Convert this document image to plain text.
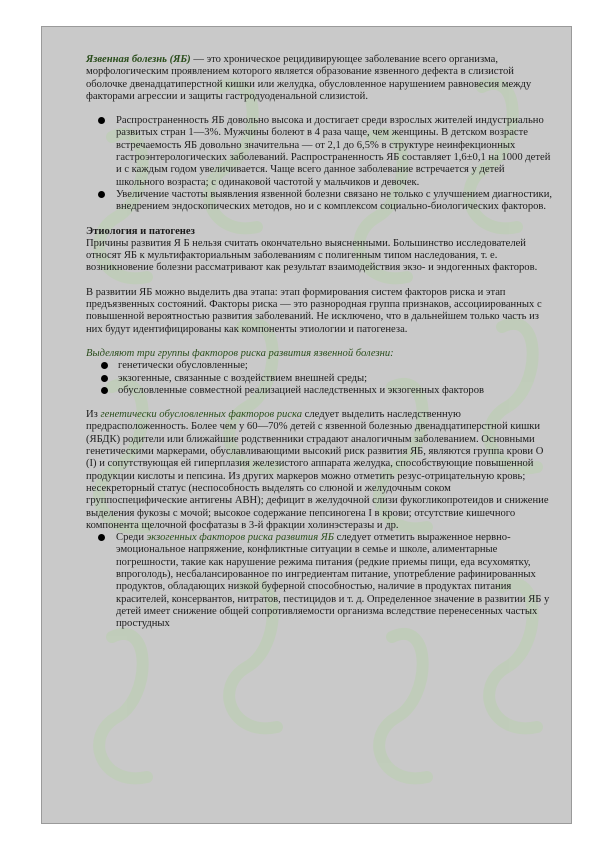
Язвенная болезнь (ЯБ) — это хроническое рецидивирующее заболевание всего организма, морфологическим проявлением которого является образование язвенного дефекта в слизистой оболочке двенадцатиперстной кишки или желудка, обусловленное нарушением равновесия между факторами агрессии и защиты гастродуоденальной слизистой.

Распространенность ЯБ довольно высока и достигает среди взрослых жителей индустриально развитых стран 1—3%. Мужчины болеют в 4 раза чаще, чем женщины. В детском возрасте встречаемость ЯБ довольно значительна — от 2,1 до 6,5% в структуре неинфекционных гастроэнтерологических заболеваний. Распространенность ЯБ составляет 1,6±0,1 на 1000 детей и с каждым годом увеличивается. Чаще всего данное заболевание встречается у детей школьного возраста; с одинаковой частотой у мальчиков и девочек.
Увеличение частоты выявления язвенной болезни связано не только с улучшением диагностики, внедрением эндоскопических методов, но и с комплексом социально-биологических факторов.

Этиология и патогенез

Причины развития Я Б нельзя считать окончательно выясненными. Большинство исследователей относят ЯБ к мультифакториальным заболеваниям с полигенным типом наследования, т. е. возникновение болезни рассматривают как результат взаимодействия экзо- и эндогенных факторов.

В развитии ЯБ можно выделить два этапа: этап формирования систем факторов риска и этап предъязвенных состояний. Факторы риска — это разнородная группа признаков, ассоциированных с повышенной вероятностью развития заболеваний. Не исключено, что в дальнейшем только часть из них будут идентифицированы как компоненты этиологии и патогенеза.

Выделяют три группы факторов риска развития язвенной болезни:

генетически обусловленные;
экзогенные, связанные с воздействием внешней среды;
обусловленные совместной реализацией наследственных и экзогенных факторов

Из генетически обусловленных факторов риска следует выделить наследственную предрасположенность. Более чем у 60—70% детей с язвенной болезнью двенадцатиперстной кишки (ЯБДК) родители или ближайшие родственники страдают аналогичным заболеванием. Основными генетическими маркерами, обуславливающими высокий риск развития ЯБ, являются группа крови О (I) и сопутствующая ей гиперплазия железистого аппарата желудка, способствующие повышенной продукции кислоты и пепсина. Из других маркеров можно отметить резус-отрицательную кровь; несекреторный статус (неспособность выделять со слюной и желудочным соком группоспецифические антигены АВН); дефицит в желудочной слизи фукогликопротеидов и снижение выделения фукозы с мочой; высокое содержание пепсиногена I в крови; отсутствие кишечного компонента щелочной фосфатазы в 3-й фракции холинэстеразы и др.

Среди экзогенных факторов риска развития ЯБ следует отметить выраженное нервно-эмоциональное напряжение, конфликтные ситуации в семье и школе, алиментарные погрешности, такие как нарушение режима питания (редкие приемы пищи, еда всухомятку, впроголодь), несбалансированное по ингредиентам питание, употребление рафинированных продуктов, обладающих низкой буферной способностью, наличие в продуктах питания красителей, консервантов, нитратов, пестицидов и т. д. Определенное значение в развитии ЯБ у детей имеет снижение общей сопротивляемости организма вследствие перенесенных частых простудных
